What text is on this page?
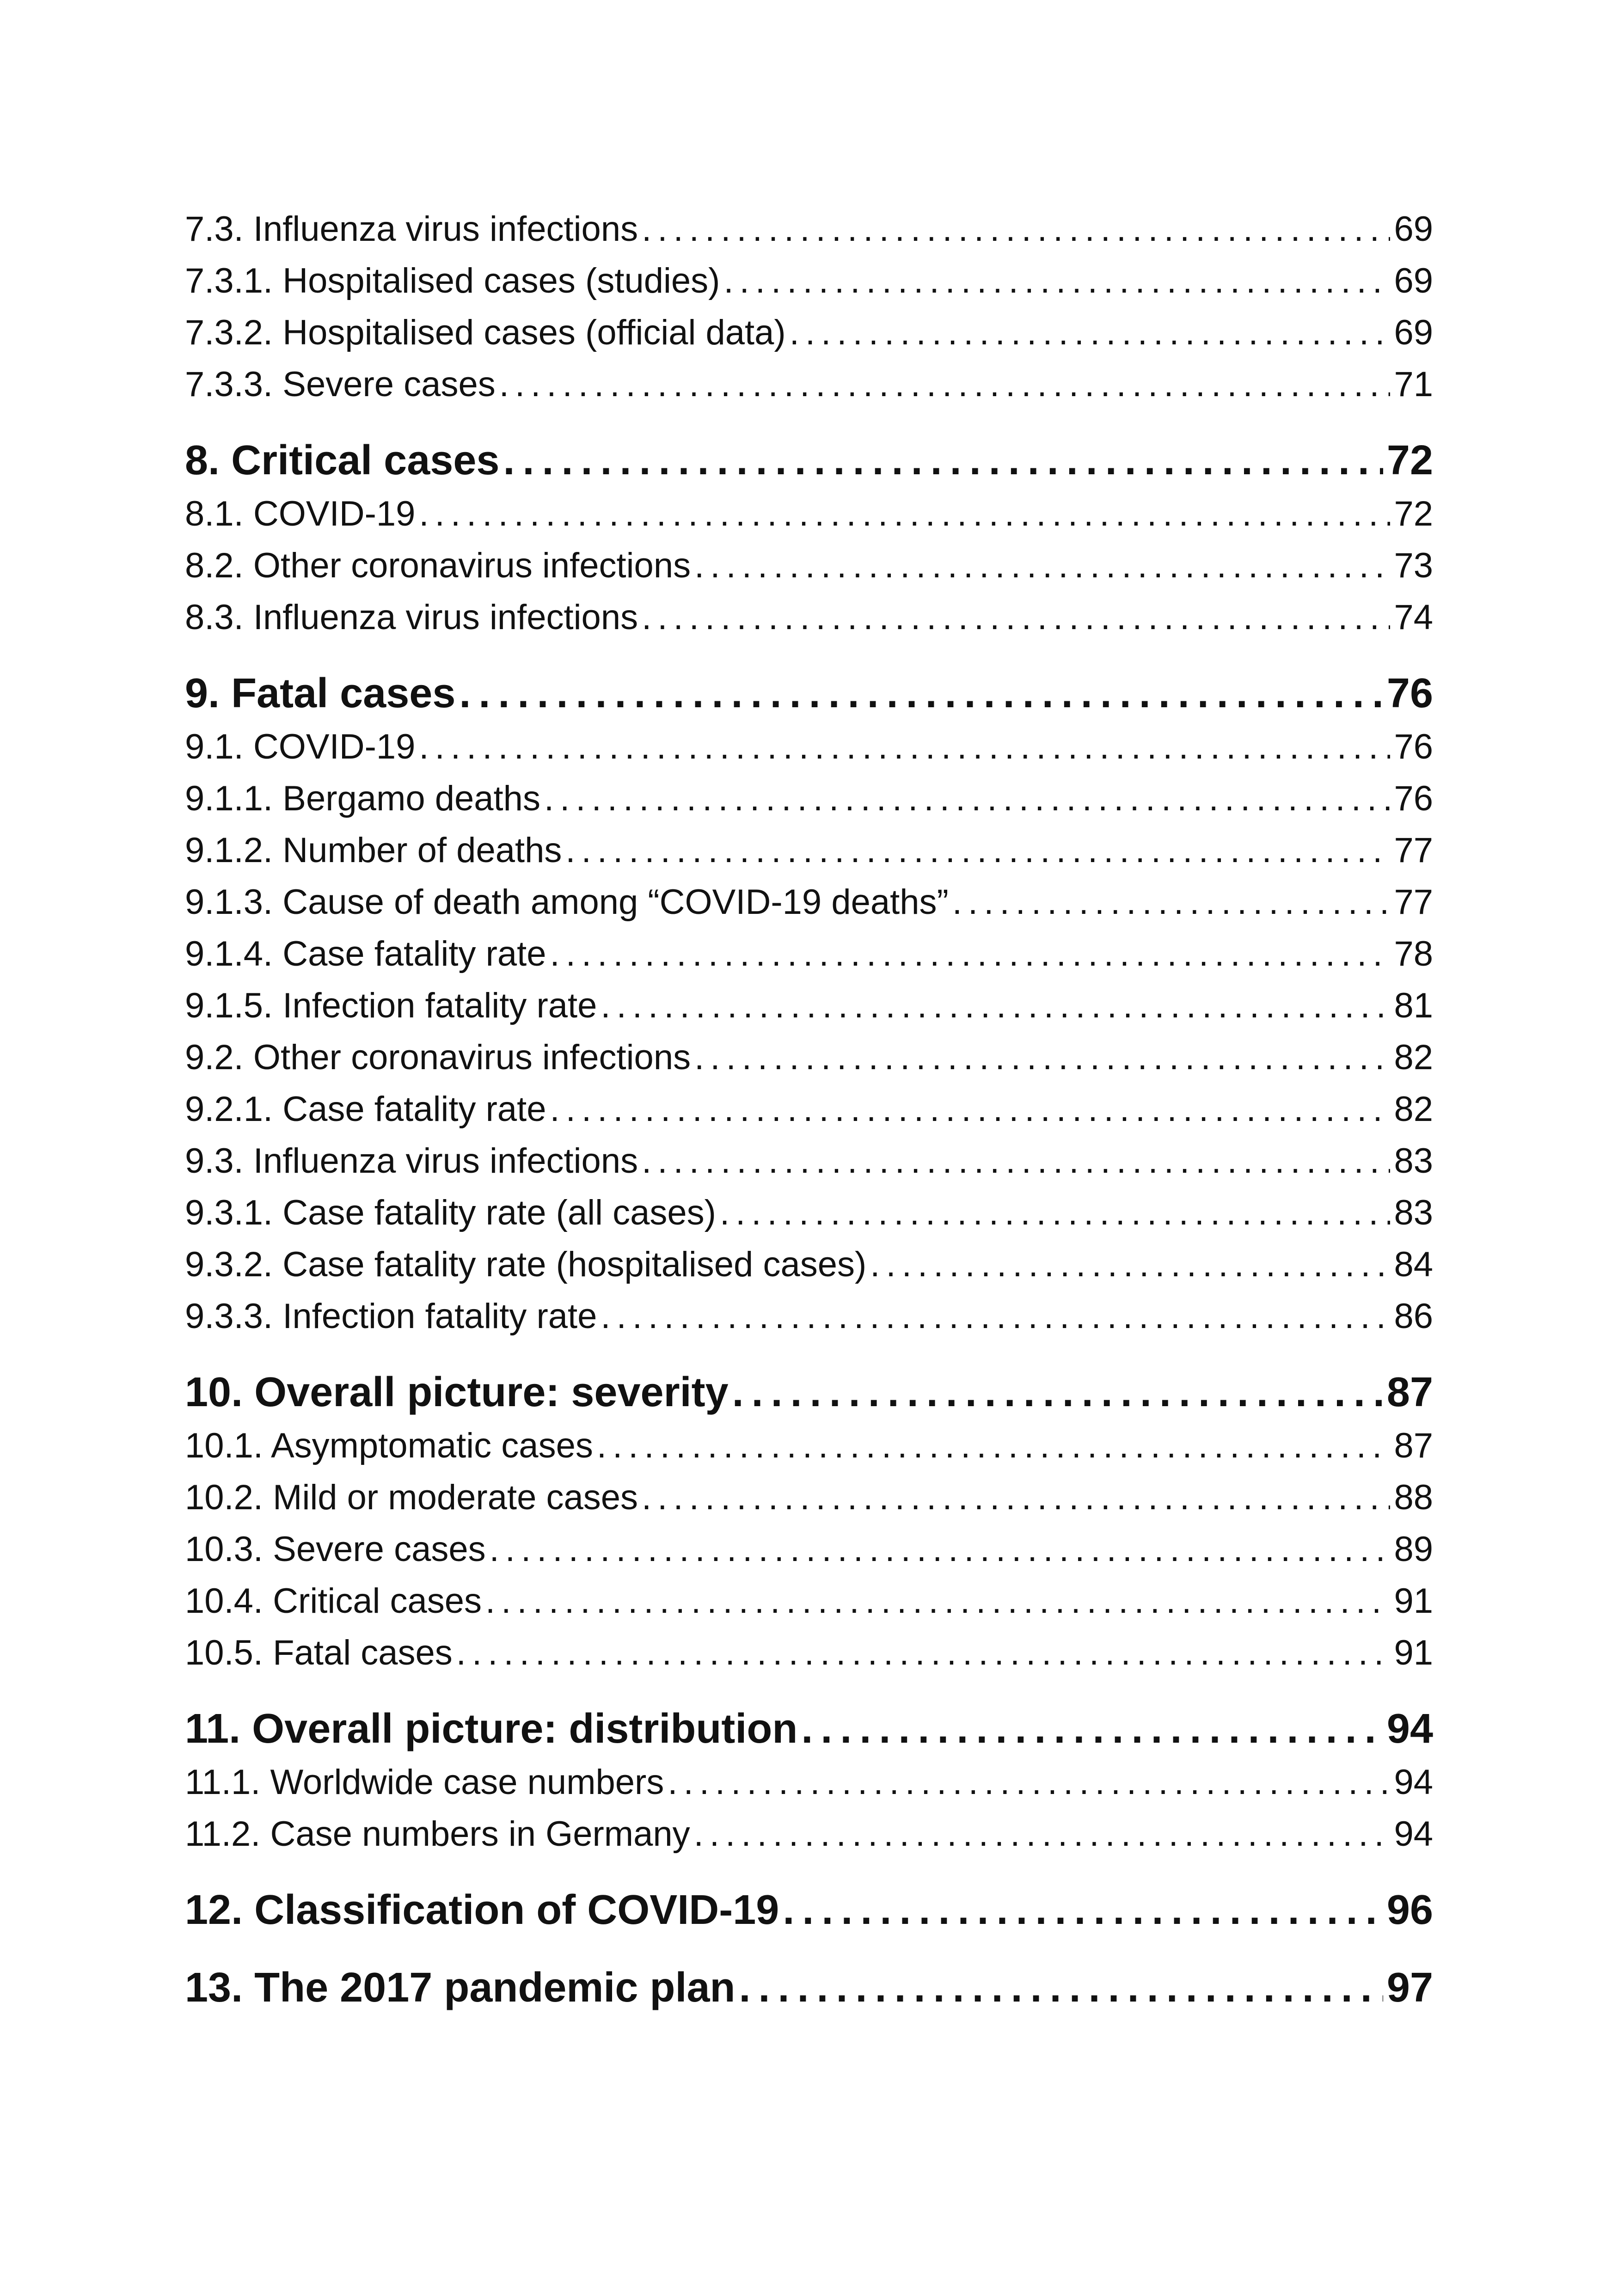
7.3. Influenza virus infections . . .	69
7.3.1. Hospitalised cases (studies) . . .	69
7.3.2. Hospitalised cases (official data) . . .	69
7.3.3. Severe cases . . .	71
8. Critical cases . . .	72
8.1. COVID-19 . . .	72
8.2. Other coronavirus infections . . .	73
8.3. Influenza virus infections . . .	74
9. Fatal cases . . .	76
9.1. COVID-19 . . .	76
9.1.1. Bergamo deaths . . .	76
9.1.2. Number of deaths . . .	77
9.1.3. Cause of death among “COVID-19 deaths” . . .	77
9.1.4. Case fatality rate . . .	78
9.1.5. Infection fatality rate . . .	81
9.2. Other coronavirus infections . . .	82
9.2.1. Case fatality rate . . .	82
9.3. Influenza virus infections . . .	83
9.3.1. Case fatality rate (all cases) . . .	83
9.3.2. Case fatality rate (hospitalised cases) . . .	84
9.3.3. Infection fatality rate . . .	86
10. Overall picture: severity . . .	87
10.1. Asymptomatic cases . . .	87
10.2. Mild or moderate cases . . .	88
10.3. Severe cases . . .	89
10.4. Critical cases . . .	91
10.5. Fatal cases . . .	91
11. Overall picture: distribution . . .	94
11.1. Worldwide case numbers . . .	94
11.2. Case numbers in Germany . . .	94
12. Classification of COVID-19 . . .	96
13. The 2017 pandemic plan . . .	97
